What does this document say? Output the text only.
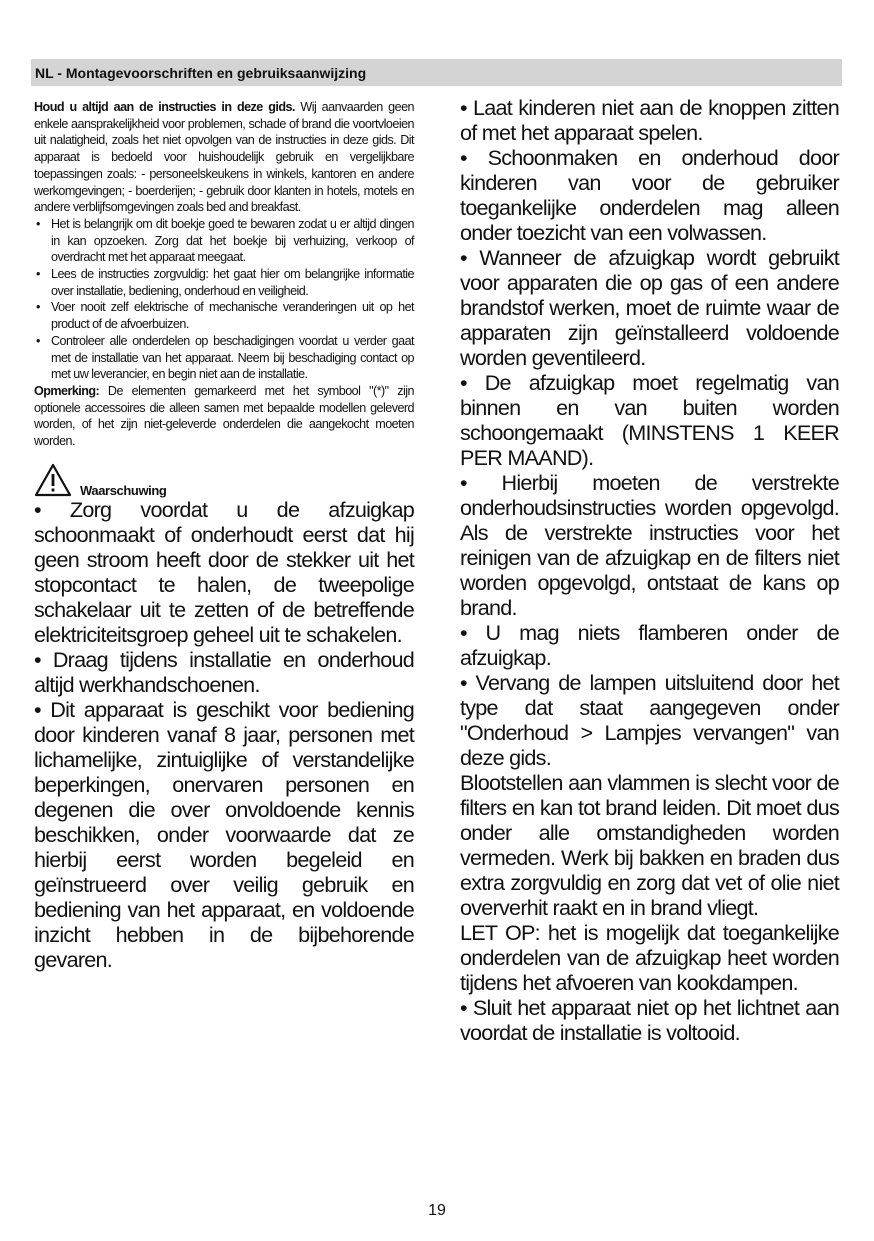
NL - Montagevoorschriften en gebruiksaanwijzing
Houd u altijd aan de instructies in deze gids. Wij aanvaarden geen enkele aansprakelijkheid voor problemen, schade of brand die voortvloeien uit nalatigheid, zoals het niet opvolgen van de instructies in deze gids. Dit apparaat is bedoeld voor huishoudelijk gebruik en vergelijkbare toepassingen zoals: - personeelskeukens in winkels, kantoren en andere werkomgevingen; - boerderijen; - gebruik door klanten in hotels, motels en andere verblijfsomgevingen zoals bed and breakfast.
• Het is belangrijk om dit boekje goed te bewaren zodat u er altijd dingen in kan opzoeken. Zorg dat het boekje bij verhuizing, verkoop of overdracht met het apparaat meegaat.
• Lees de instructies zorgvuldig: het gaat hier om belangrijke informatie over installatie, bediening, onderhoud en veiligheid.
• Voer nooit zelf elektrische of mechanische veranderingen uit op het product of de afvoerbuizen.
• Controleer alle onderdelen op beschadigingen voordat u verder gaat met de installatie van het apparaat. Neem bij beschadiging contact op met uw leverancier, en begin niet aan de installatie.
Opmerking: De elementen gemarkeerd met het symbool "(*)" zijn optionele accessoires die alleen samen met bepaalde modellen geleverd worden, of het zijn niet-geleverde onderdelen die aangekocht moeten worden.
Waarschuwing

• Zorg voordat u de afzuigkap schoonmaakt of onderhoudt eerst dat hij geen stroom heeft door de stekker uit het stopcontact te halen, de tweepolige schakelaar uit te zetten of de betreffende elektriciteitsgroep geheel uit te schakelen.

• Draag tijdens installatie en onderhoud altijd werkhandschoenen.

• Dit apparaat is geschikt voor bediening door kinderen vanaf 8 jaar, personen met lichamelijke, zintuiglijke of verstandelijke beperkingen, onervaren personen en degenen die over onvoldoende kennis beschikken, onder voorwaarde dat ze hierbij eerst worden begeleid en geïnstrueerd over veilig gebruik en bediening van het apparaat, en voldoende inzicht hebben in de bijbehorende gevaren.

• Laat kinderen niet aan de knoppen zitten of met het apparaat spelen.

• Schoonmaken en onderhoud door kinderen van voor de gebruiker toegankelijke onderdelen mag alleen onder toezicht van een volwassen.

• Wanneer de afzuigkap wordt gebruikt voor apparaten die op gas of een andere brandstof werken, moet de ruimte waar de apparaten zijn geïnstalleerd voldoende worden geventileerd.

• De afzuigkap moet regelmatig van binnen en van buiten worden schoongemaakt (MINSTENS 1 KEER PER MAAND).

• Hierbij moeten de verstrekte onderhoudsinstructies worden opgevolgd. Als de verstrekte instructies voor het reinigen van de afzuigkap en de filters niet worden opgevolgd, ontstaat de kans op brand.

• U mag niets flamberen onder de afzuigkap.

• Vervang de lampen uitsluitend door het type dat staat aangegeven onder "Onderhoud > Lampjes vervangen" van deze gids.

Blootstellen aan vlammen is slecht voor de filters en kan tot brand leiden. Dit moet dus onder alle omstandigheden worden vermeden. Werk bij bakken en braden dus extra zorgvuldig en zorg dat vet of olie niet oververhit raakt en in brand vliegt.

LET OP: het is mogelijk dat toegankelijke onderdelen van de afzuigkap heet worden tijdens het afvoeren van kookdampen.

• Sluit het apparaat niet op het lichtnet aan voordat de installatie is voltooid.

19
